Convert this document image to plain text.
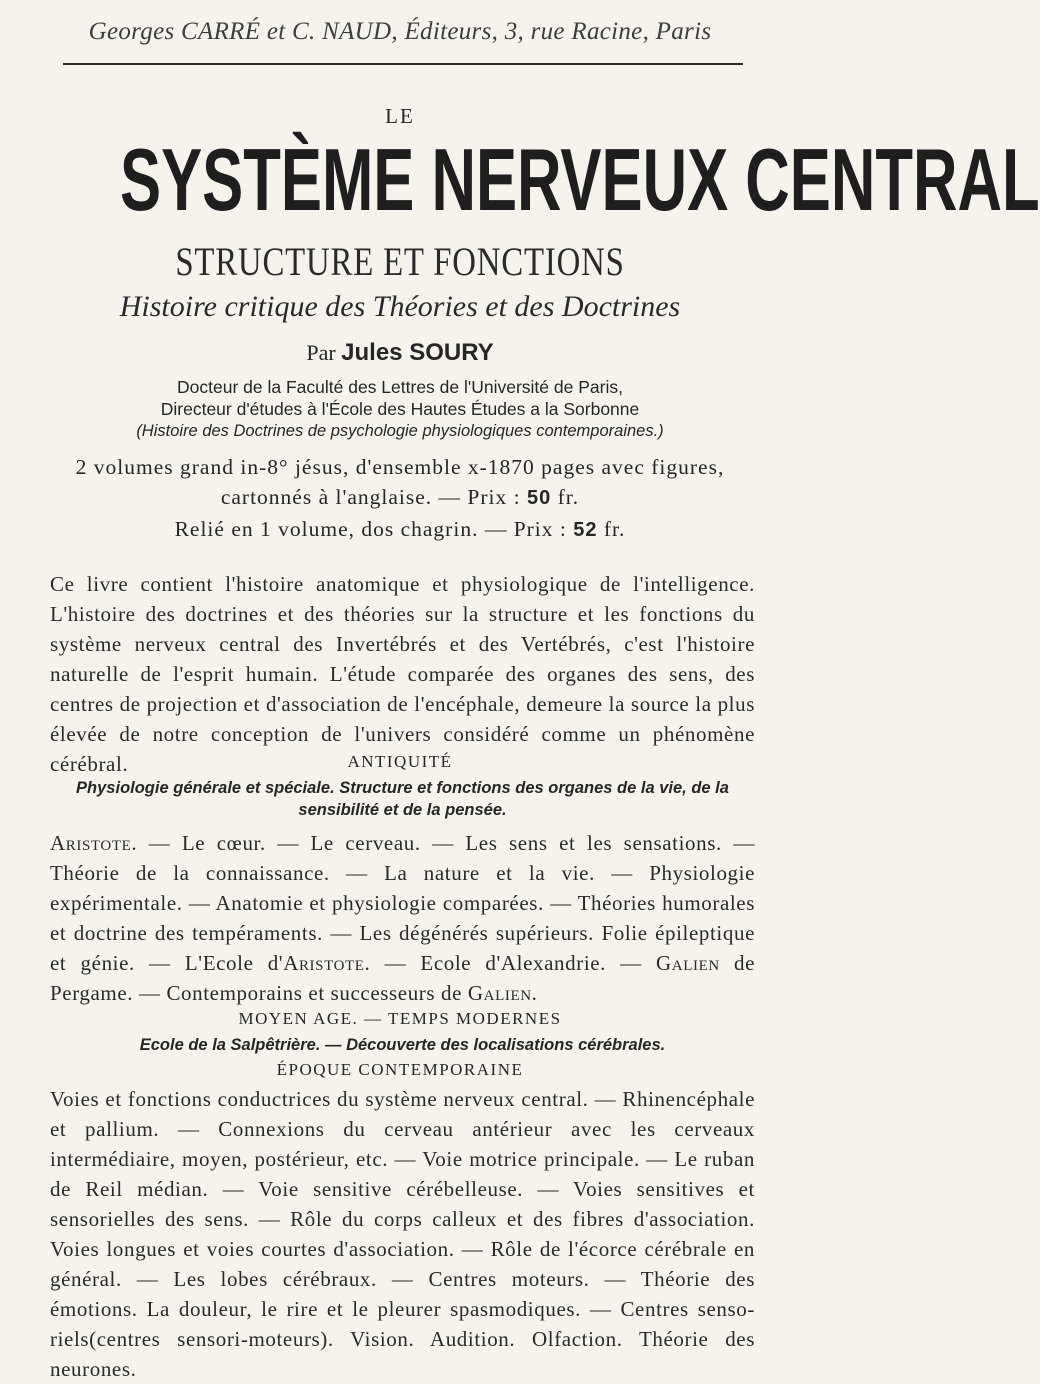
Georges CARRÉ et C. NAUD, Éditeurs, 3, rue Racine, Paris
LE
SYSTÈME NERVEUX CENTRAL
STRUCTURE ET FONCTIONS
Histoire critique des Théories et des Doctrines
Par Jules SOURY
Docteur de la Faculté des Lettres de l'Université de Paris,
Directeur d'études à l'École des Hautes Études a la Sorbonne
(Histoire des Doctrines de psychologie physiologiques contemporaines.)
2 volumes grand in-8° jésus, d'ensemble x-1870 pages avec figures,
cartonnés à l'anglaise. — Prix : 50 fr.
Relié en 1 volume, dos chagrin. — Prix : 52 fr.
Ce livre contient l'histoire anatomique et physiologique de l'intelligence. L'histoire des doctrines et des théories sur la structure et les fonctions du système nerveux central des Invertébrés et des Vertébrés, c'est l'histoire naturelle de l'esprit humain. L'étude comparée des organes des sens, des centres de projection et d'association de l'encéphale, demeure la source la plus élevée de notre conception de l'univers considéré comme un phénomène cérébral.	ANTIQUITÉ
Physiologie générale et spéciale. Structure et fonctions des organes de la vie, de la sensibilité et de la pensée.
Aristote. — Le cœur. — Le cerveau. — Les sens et les sensations. — Théorie de la connaissance. — La nature et la vie. — Physiologie expérimentale. — Anatomie et physiologie comparées. — Théories humorales et doctrine des tempéraments. — Les dégénérés supérieurs. Folie épileptique et génie. — L'Ecole d'Aristote. — Ecole d'Alexandrie. — Galien de Pergame. — Contemporains et successeurs de Galien.
MOYEN AGE. — TEMPS MODERNES
Ecole de la Salpêtrière. — Découverte des localisations cérébrales.
ÉPOQUE CONTEMPORAINE
Voies et fonctions conductrices du système nerveux central. — Rhinencéphale et pallium. — Connexions du cerveau antérieur avec les cerveaux intermédiaire, moyen, postérieur, etc. — Voie motrice principale. — Le ruban de Reil médian. — Voie sensitive cérébelleuse. — Voies sensitives et sensorielles des sens. — Rôle du corps calleux et des fibres d'association. Voies longues et voies courtes d'association. — Rôle de l'écorce cérébrale en général. — Les lobes cérébraux. — Centres moteurs. — Théorie des émotions. La douleur, le rire et le pleurer spasmodiques. — Centres senso-riels(centres sensori-moteurs). Vision. Audition. Olfaction. Théorie des neurones.
